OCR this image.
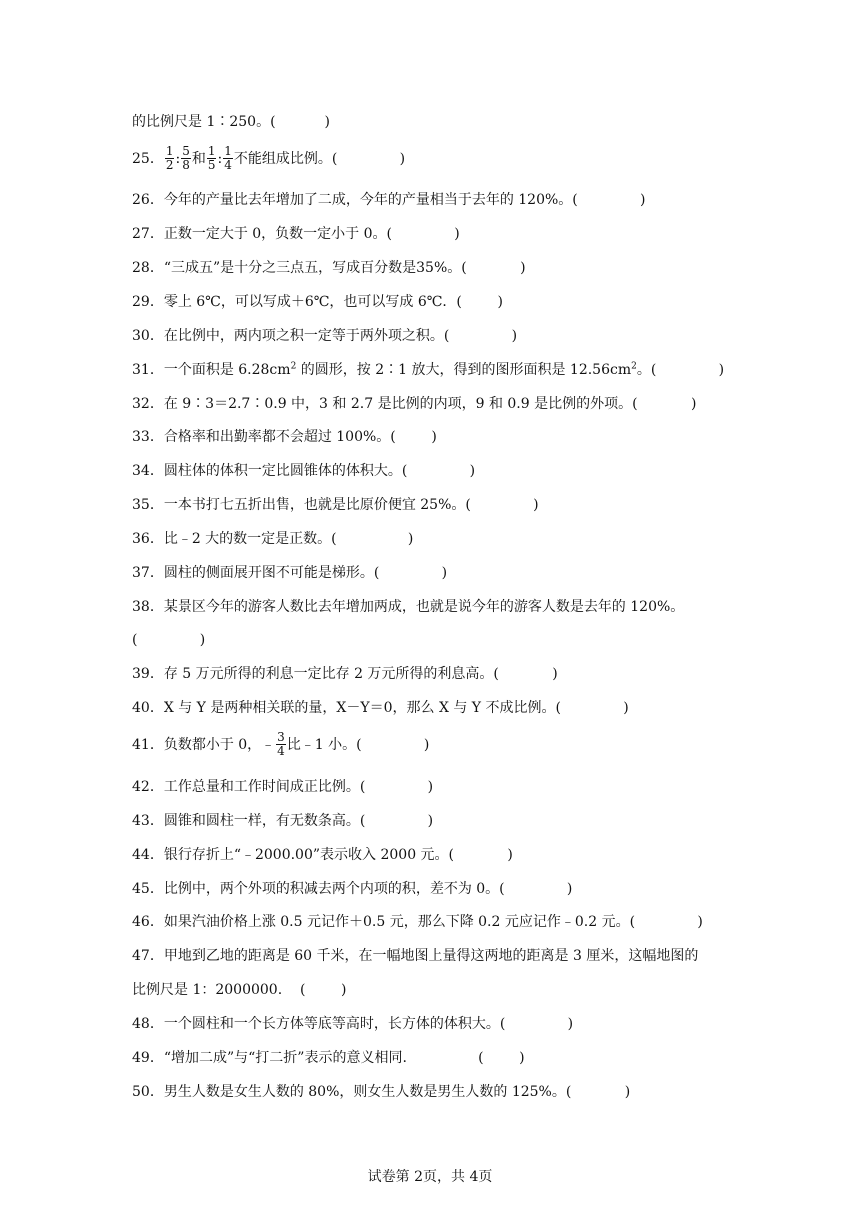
的比例尺是 1∶250。(           )
25． $\frac{1}{2}$ : $\frac{5}{8}$ 和 $\frac{1}{5}$ : $\frac{1}{4}$ 不能组成比例。(              )
26．今年的产量比去年增加了二成，今年的产量相当于去年的 120%。(              )
27．正数一定大于 0，负数一定小于 0。(              )
28．“三成五”是十分之三点五，写成百分数是35%。(            )
29．零上 6℃，可以写成＋6℃，也可以写成 6℃．(        )
30．在比例中，两内项之积一定等于两外项之积。(              )
31．一个面积是 $6.28cm^2$ 的圆形，按 2∶1 放大，得到的图形面积是 $12.56cm^2$。(              )
32．在 9∶3＝2.7∶0.9 中，3 和 2.7 是比例的内项，9 和 0.9 是比例的外项。(            )
33．合格率和出勤率都不会超过 100%。(        )
34．圆柱体的体积一定比圆锥体的体积大。(              )
35．一本书打七五折出售，也就是比原价便宜 25%。(              )
36．比﹣2 大的数一定是正数。(                )
37．圆柱的侧面展开图不可能是梯形。(              )
38．某景区今年的游客人数比去年增加两成，也就是说今年的游客人数是去年的 120%。
(              )
39．存 5 万元所得的利息一定比存 2 万元所得的利息高。(            )
40．X 与 Y 是两种相关联的量，X－Y＝0，那么 X 与 Y 不成比例。(              )
41．负数都小于 0，﹣ $\frac{3}{4}$ 比﹣1 小。(              )
42．工作总量和工作时间成正比例。(              )
43．圆锥和圆柱一样，有无数条高。(              )
44．银行存折上“﹣2000.00”表示收入 2000 元。(            )
45．比例中，两个外项的积减去两个内项的积，差不为 0。(              )
46．如果汽油价格上涨 0.5 元记作＋0.5 元，那么下降 0.2 元应记作﹣0.2 元。(              )
47．甲地到乙地的距离是 60 千米，在一幅地图上量得这两地的距离是 3 厘米，这幅地图的
比例尺是 1：2000000.    (        )
48．一个圆柱和一个长方体等底等高时，长方体的体积大。(              )
49．“增加二成”与“打二折”表示的意义相同.                (        )
50．男生人数是女生人数的 80%，则女生人数是男生人数的 125%。(            )
试卷第 2页，共 4页
